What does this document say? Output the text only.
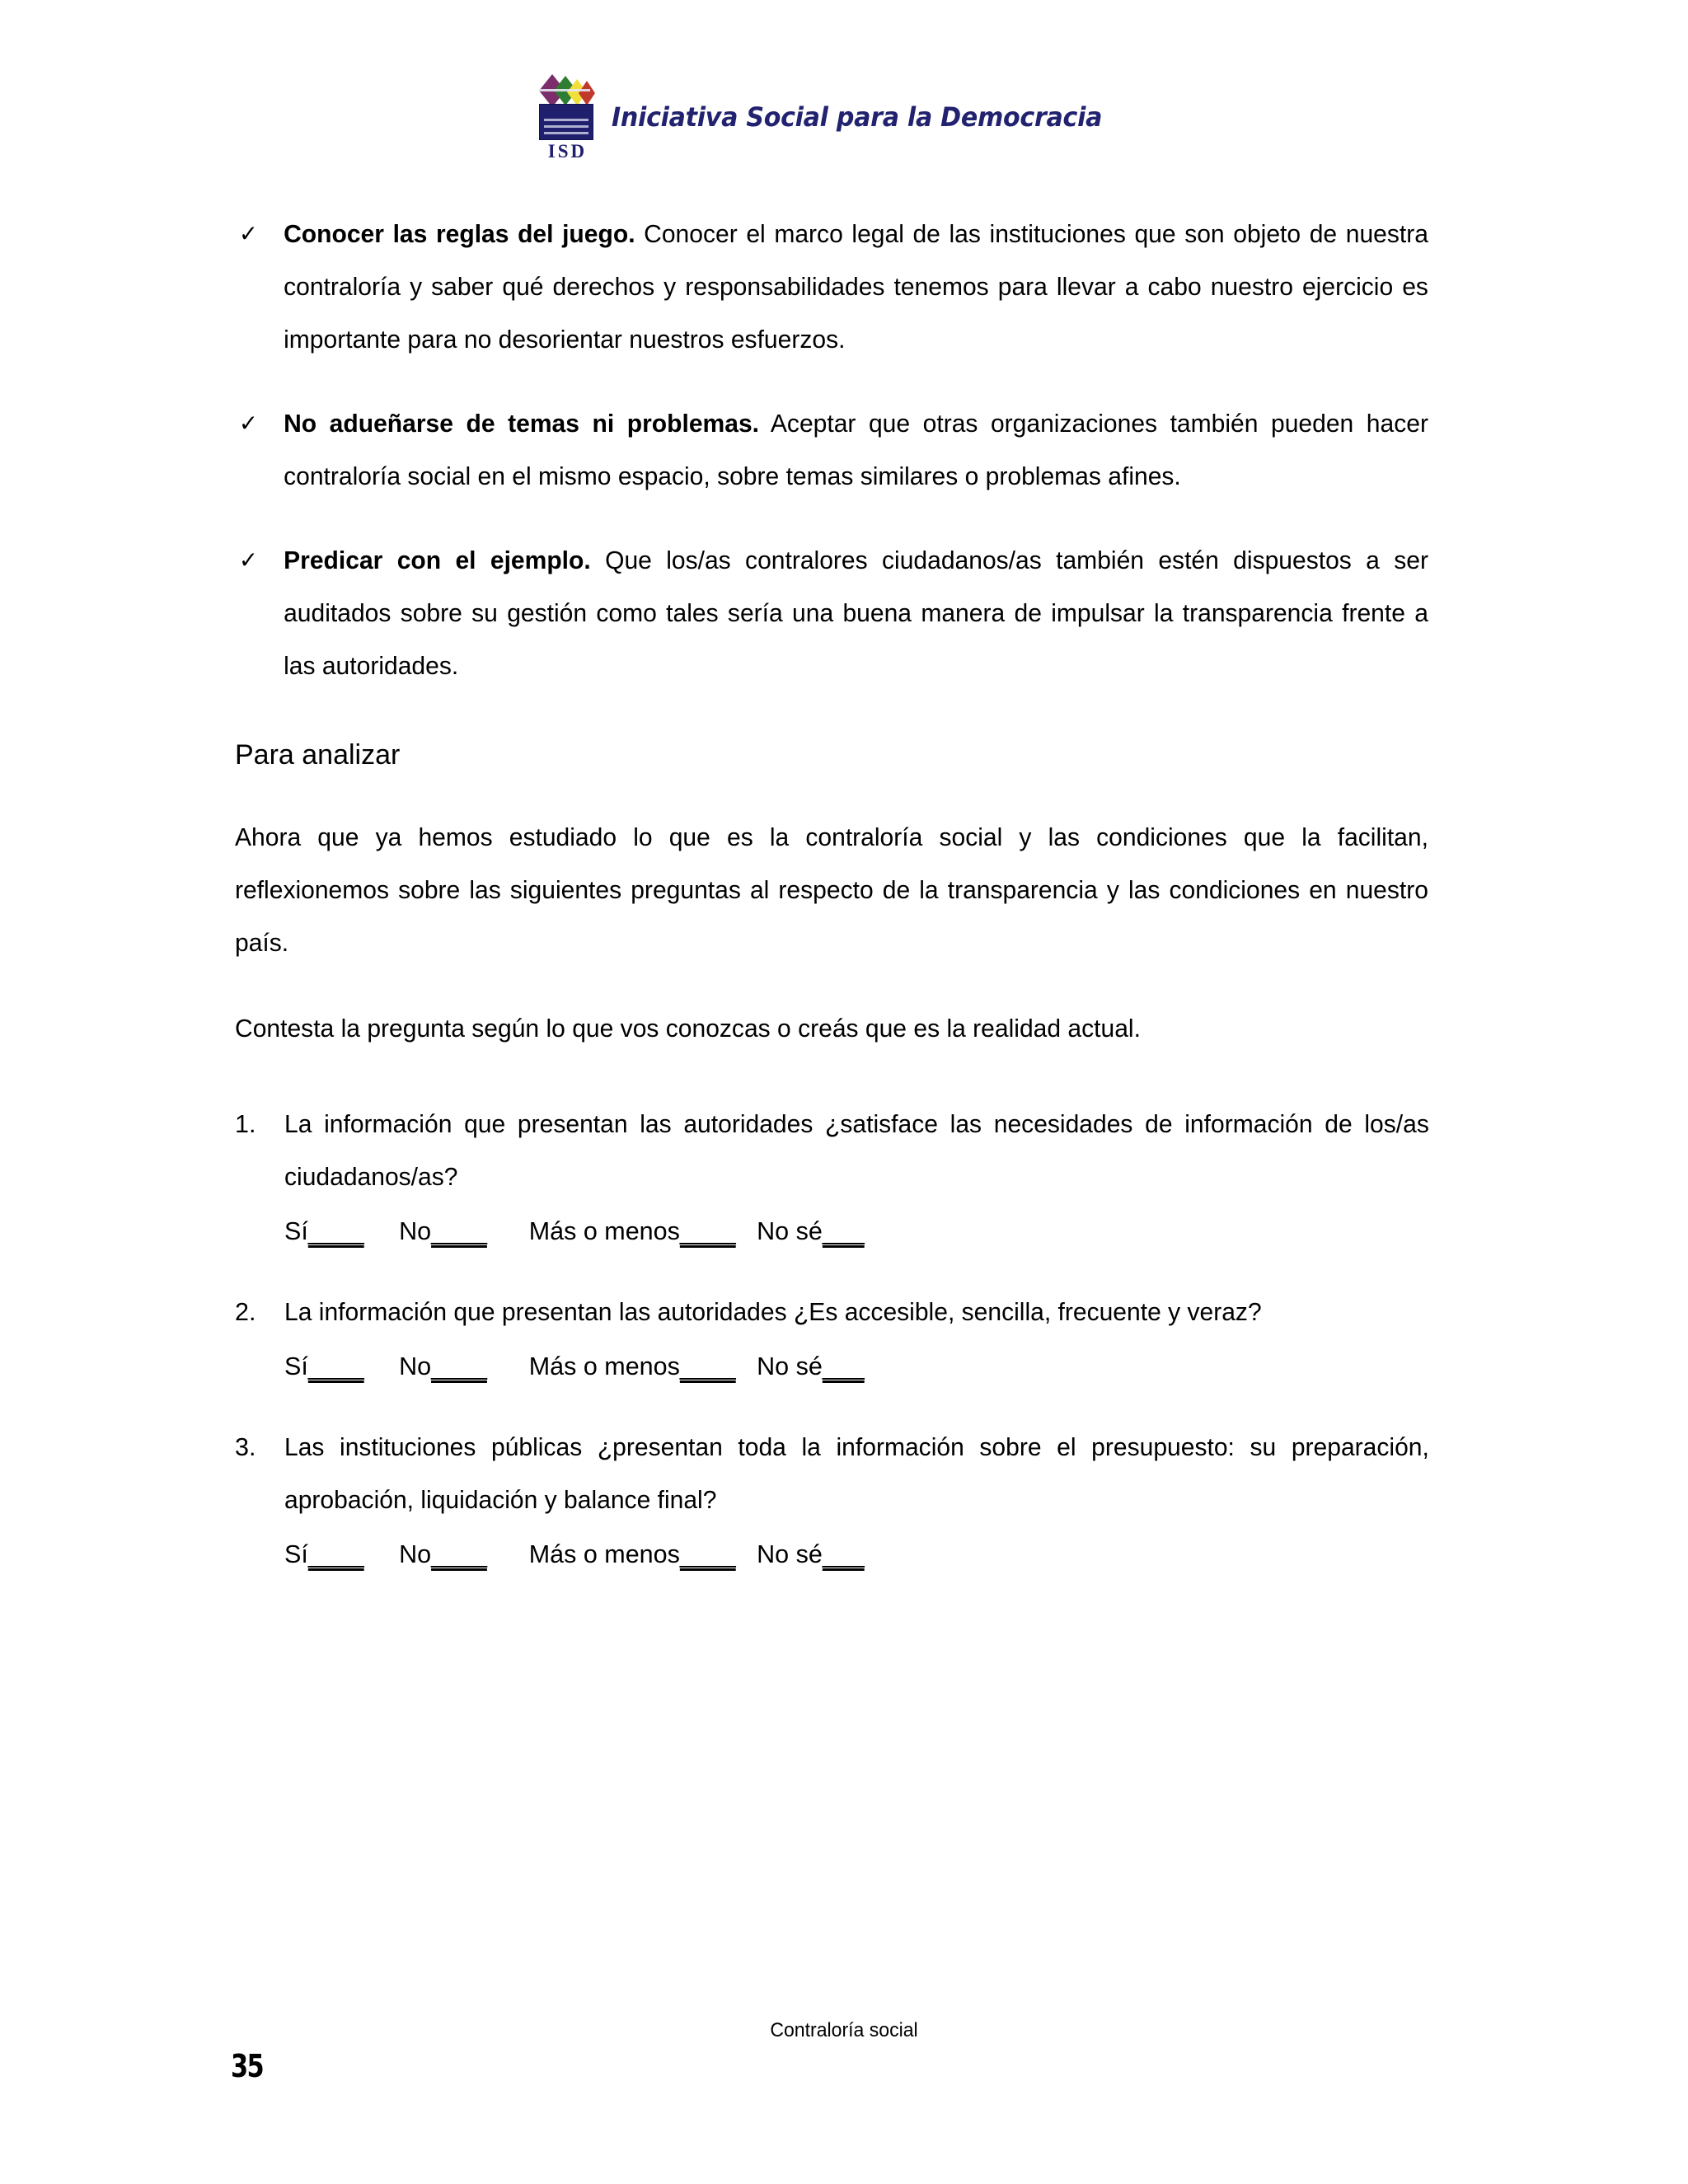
ISD
Iniciativa Social para la Democracia
✓ Conocer las reglas del juego. Conocer el marco legal de las instituciones que son objeto de nuestra contraloría y saber qué derechos y responsabilidades tenemos para llevar a cabo nuestro ejercicio es importante para no desorientar nuestros esfuerzos.
✓ No adueñarse de temas ni problemas. Aceptar que otras organizaciones también pueden hacer contraloría social en el mismo espacio, sobre temas similares o problemas afines.
✓ Predicar con el ejemplo. Que los/as contralores ciudadanos/as también estén dispuestos a ser auditados sobre su gestión como tales sería una buena manera de impulsar la transparencia frente a las autoridades.
Para analizar
Ahora que ya hemos estudiado lo que es la contraloría social y las condiciones que la facilitan, reflexionemos sobre las siguientes preguntas al respecto de la transparencia y las condiciones en nuestro país.
Contesta la pregunta según lo que vos conozcas o creás que es la realidad actual.
1. La información que presentan las autoridades ¿satisface las necesidades de información de los/as ciudadanos/as?
Sí____ No____ Más o menos____ No sé___
2. La información que presentan las autoridades ¿Es accesible, sencilla, frecuente y veraz?
Sí____ No____ Más o menos____ No sé___
3. Las instituciones públicas ¿presentan toda la información sobre el presupuesto: su preparación, aprobación, liquidación y balance final?
Sí____ No____ Más o menos____ No sé___
Contraloría social
35
